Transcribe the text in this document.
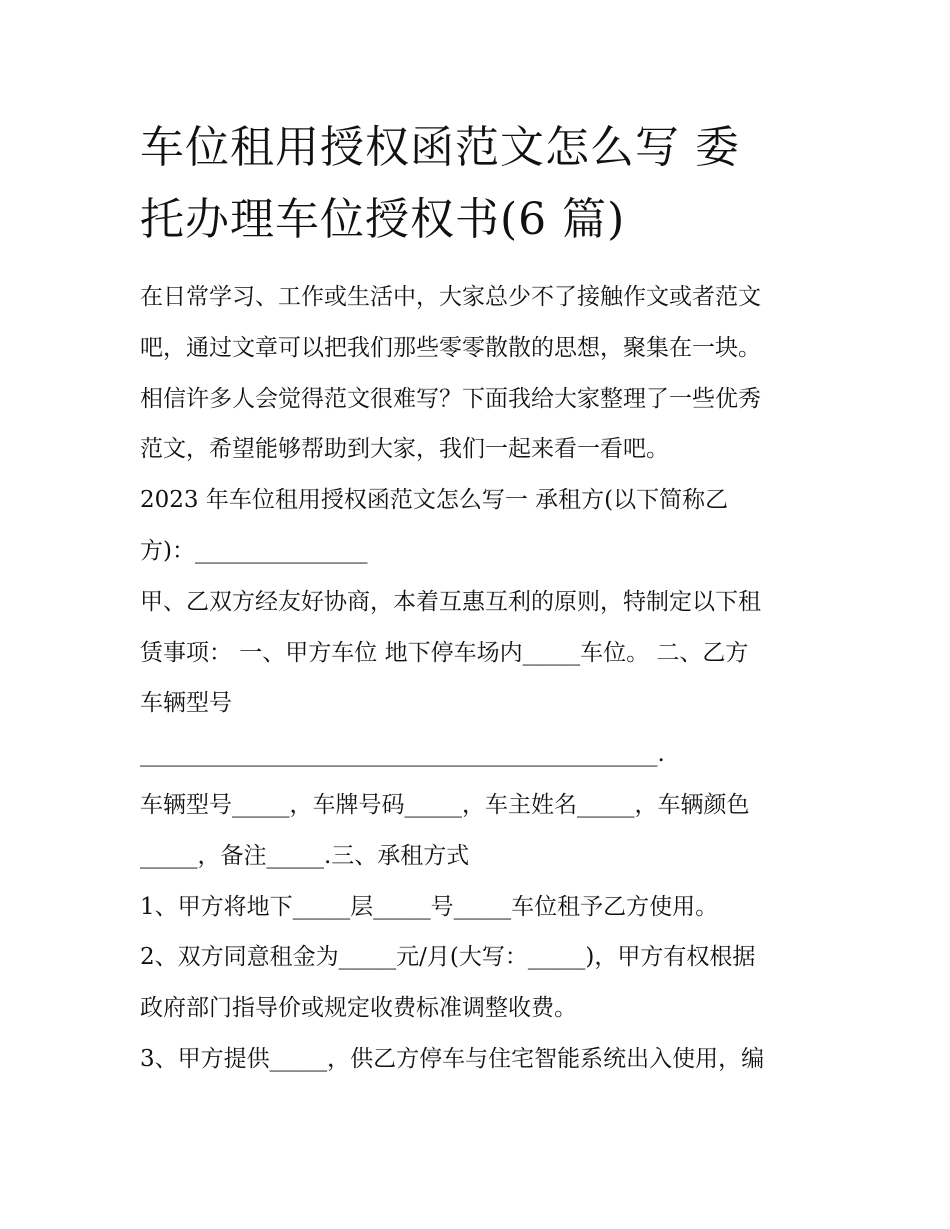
车位租用授权函范文怎么写 委
托办理车位授权书(6 篇)
在日常学习、工作或生活中，大家总少不了接触作文或者范文
吧，通过文章可以把我们那些零零散散的思想，聚集在一块。
相信许多人会觉得范文很难写？下面我给大家整理了一些优秀
范文，希望能够帮助到大家，我们一起来看一看吧。
2023 年车位租用授权函范文怎么写一 承租方(以下简称乙
方)：_______________
甲、乙双方经友好协商，本着互惠互利的原则，特制定以下租
赁事项： 一、甲方车位 地下停车场内_____车位。 二、乙方
车辆型号
_____________________________________________.
车辆型号_____，车牌号码_____，车主姓名_____，车辆颜色
_____，备注_____.三、承租方式
1、甲方将地下_____层_____号_____车位租予乙方使用。
2、双方同意租金为_____元/月(大写：_____)，甲方有权根据
政府部门指导价或规定收费标准调整收费。
3、甲方提供_____，供乙方停车与住宅智能系统出入使用，编
